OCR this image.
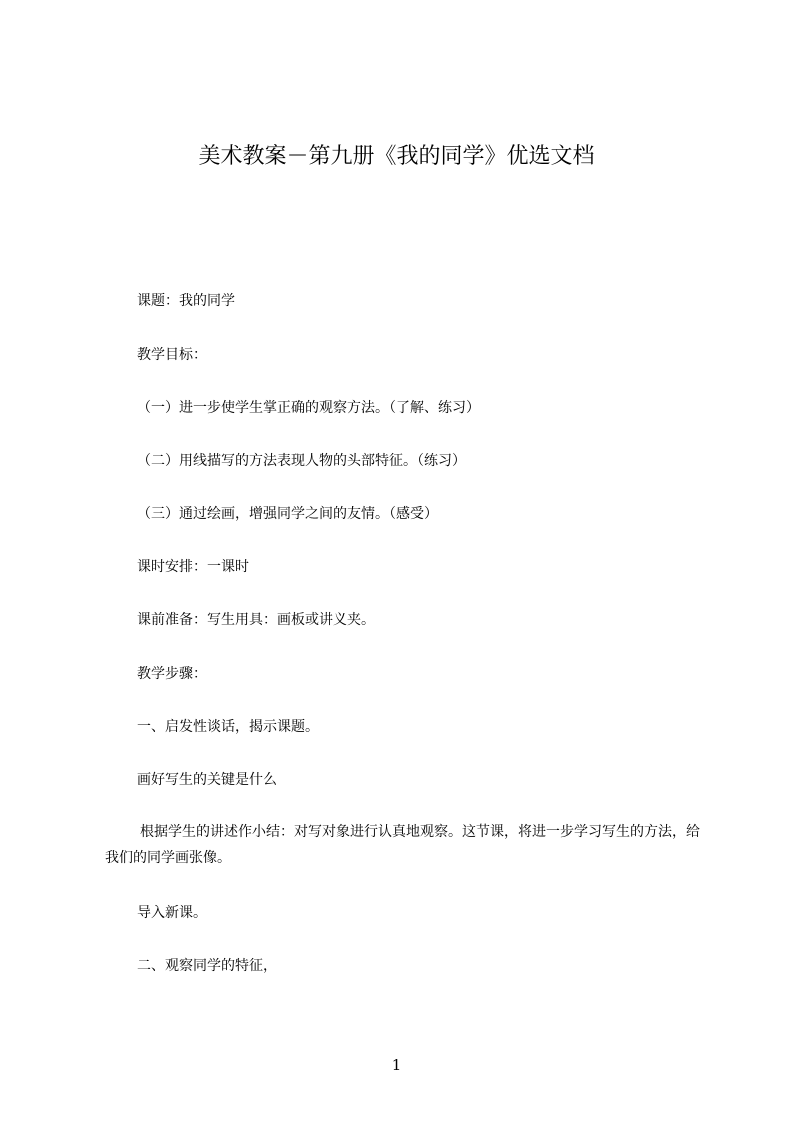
美术教案－第九册《我的同学》优选文档

课题：我的同学

教学目标：

（一）进一步使学生掌正确的观察方法。（了解、练习）

（二）用线描写的方法表现人物的头部特征。（练习）

（三）通过绘画，增强同学之间的友情。（感受）

课时安排：一课时

课前准备：写生用具：画板或讲义夹。

教学步骤：

一、启发性谈话，揭示课题。

画好写生的关键是什么

根据学生的讲述作小结：对写对象进行认真地观察。这节课，将进一步学习写生的方法，给我们的同学画张像。

导入新课。

二、观察同学的特征，

1
